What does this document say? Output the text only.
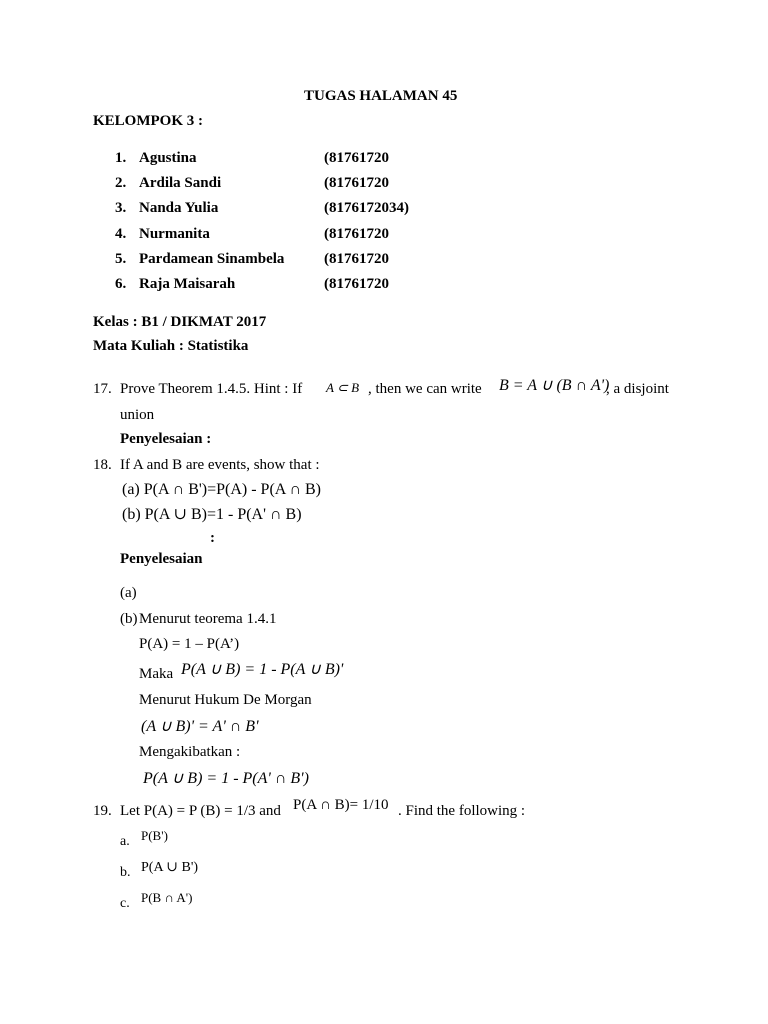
TUGAS HALAMAN 45
KELOMPOK 3 :
1. Agustina	(81761720
2. Ardila Sandi	(81761720
3. Nanda Yulia	(8176172034)
4. Nurmanita	(81761720
5. Pardamean Sinambela	(81761720
6. Raja Maisarah	(81761720
Kelas : B1 / DIKMAT 2017
Mata Kuliah : Statistika
17. Prove Theorem 1.4.5. Hint : If A ⊂ B , then we can write B = A ∪ (B ∩ A')
, a disjoint
union
Penyelesaian :
18. If A and B are events, show that :
(a) P(A ∩ B')=P(A) - P(A ∩ B)
(b) P(A ∪ B)=1 - P(A' ∩ B)
:
Penyelesaian
(a)
(b) Menurut teorema 1.4.1
P(A) = 1 – P(A’)
Maka P(A ∪ B) = 1 - P(A ∪ B)'
Menurut Hukum De Morgan
(A ∪ B)' = A' ∩ B'
Mengakibatkan :
P(A ∪ B) = 1 - P(A' ∩ B')
19. Let P(A) = P (B) = 1/3 and P(A ∩ B)= 1/10 . Find the following :
a. P(B')
b. P(A ∪ B')
c. P(B ∩ A')
